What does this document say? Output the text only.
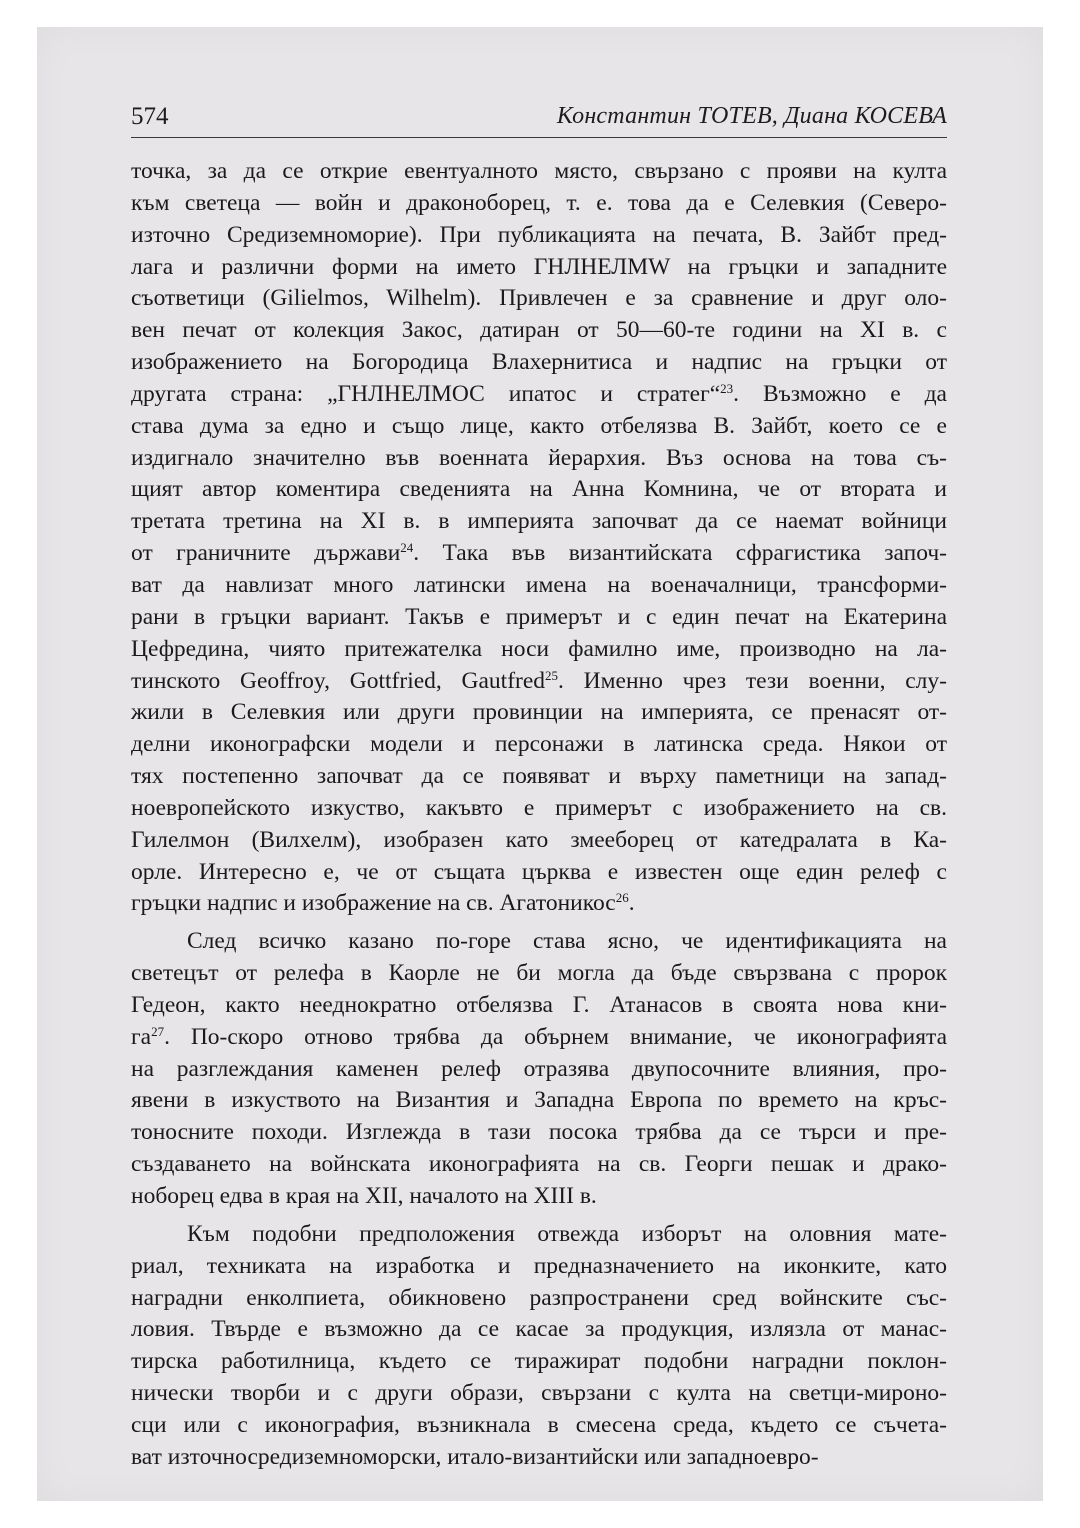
574	Константин ТОТЕВ, Диана КОСЕВА
точка, за да се открие евентуалното място, свързано с прояви на култа
към светеца — войн и драконоборец, т. е. това да е Селевкия (Северо-
източно Средиземноморие). При публикацията на печата, В. Зайбт пред-
лага и различни форми на името ГНЛНЕЛМW на гръцки и западните
съответици (Gilielmos, Wilhelm). Привлечен е за сравнение и друг оло-
вен печат от колекция Закос, датиран от 50—60-те години на XI в. с
изображението на Богородица Влахернитиса и надпис на гръцки от
другата страна: „ГНЛНЕЛМОС ипатос и стратег“$^{23}$. Възможно е да
става дума за едно и също лице, както отбелязва В. Зайбт, което се е
издигнало значително във военната йерархия. Въз основа на това съ-
щият автор коментира сведенията на Анна Комнина, че от втората и
третата третина на XI в. в империята започват да се наемат войници
от граничните държави$^{24}$. Така във византийската сфрагистика започ-
ват да навлизат много латински имена на военачалници, трансформи-
рани в гръцки вариант. Такъв е примерът и с един печат на Екатерина
Цефредина, чиято притежателка носи фамилно име, производно на ла-
тинското Geoffroy, Gottfried, Gautfred$^{25}$. Именно чрез тези военни, слу-
жили в Селевкия или други провинции на империята, се пренасят от-
делни иконографски модели и персонажи в латинска среда. Някои от
тях постепенно започват да се появяват и върху паметници на запад-
ноевропейското изкуство, какъвто е примерът с изображението на св.
Гилелмон (Вилхелм), изобразен като змееборец от катедралата в Ка-
орле. Интересно е, че от същата църква е известен още един релеф с
гръцки надпис и изображение на св. Агатоникос$^{26}$.
След всичко казано по-горе става ясно, че идентификацията на
светецът от релефа в Каорле не би могла да бъде свързвана с пророк
Гедеон, както нееднократно отбелязва Г. Атанасов в своята нова кни-
$га^{27}$. По-скоро отново трябва да обърнем внимание, че иконографията
на разглеждания каменен релеф отразява двупосочните влияния, про-
явени в изкуството на Византия и Западна Европа по времето на кръс-
тоносните походи. Изглежда в тази посока трябва да се търси и пре-
създаването на войнската иконографията на св. Георги пешак и драко-
ноборец едва в края на XII, началото на XIII в.
Към подобни предположения отвежда изборът на оловния мате-
риал, техниката на изработка и предназначението на иконките, като
наградни енколпиета, обикновено разпространени сред войнските със-
ловия. Твърде е възможно да се касае за продукция, излязла от манас-
тирска работилница, където се тиражират подобни наградни поклон-
нически творби и с други образи, свързани с култа на светци-мироно-
сци или с иконография, възникнала в смесена среда, където се съчета-
ват източносредиземноморски, итало-византийски или западноевро-
